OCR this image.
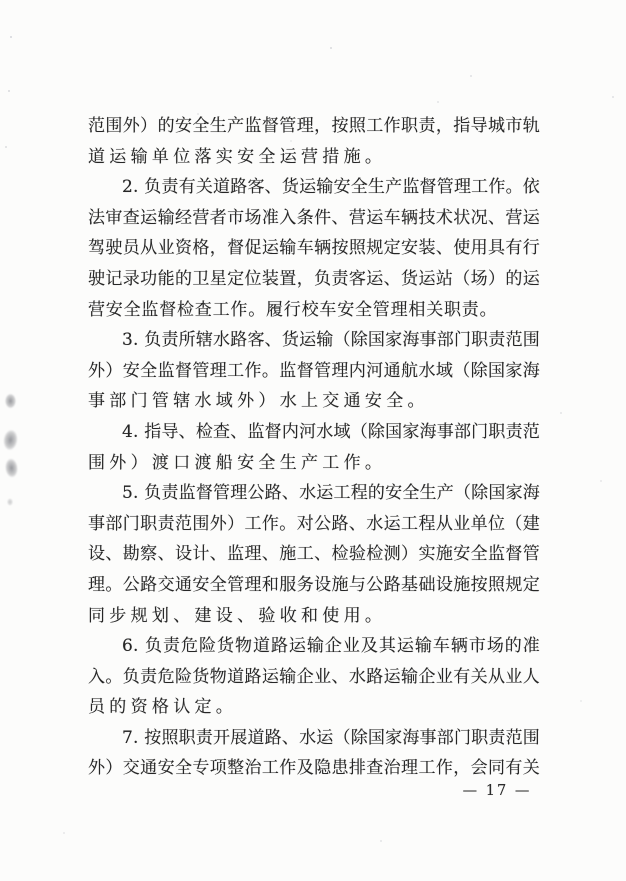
范围外）的安全生产监督管理，按照工作职责，指导城市轨
道运输单位落实安全运营措施。
2. 负责有关道路客、货运输安全生产监督管理工作。依
法审查运输经营者市场准入条件、营运车辆技术状况、营运
驾驶员从业资格，督促运输车辆按照规定安装、使用具有行
驶记录功能的卫星定位装置，负责客运、货运站（场）的运
营安全监督检查工作。履行校车安全管理相关职责。
3. 负责所辖水路客、货运输（除国家海事部门职责范围
外）安全监督管理工作。监督管理内河通航水域（除国家海
事部门管辖水域外）水上交通安全。
4. 指导、检查、监督内河水域（除国家海事部门职责范
围外）渡口渡船安全生产工作。
5. 负责监督管理公路、水运工程的安全生产（除国家海
事部门职责范围外）工作。对公路、水运工程从业单位（建
设、勘察、设计、监理、施工、检验检测）实施安全监督管
理。公路交通安全管理和服务设施与公路基础设施按照规定
同步规划、建设、验收和使用。
6. 负责危险货物道路运输企业及其运输车辆市场的准
入。负责危险货物道路运输企业、水路运输企业有关从业人
员的资格认定。
7. 按照职责开展道路、水运（除国家海事部门职责范围
外）交通安全专项整治工作及隐患排查治理工作，会同有关
— 17 —
